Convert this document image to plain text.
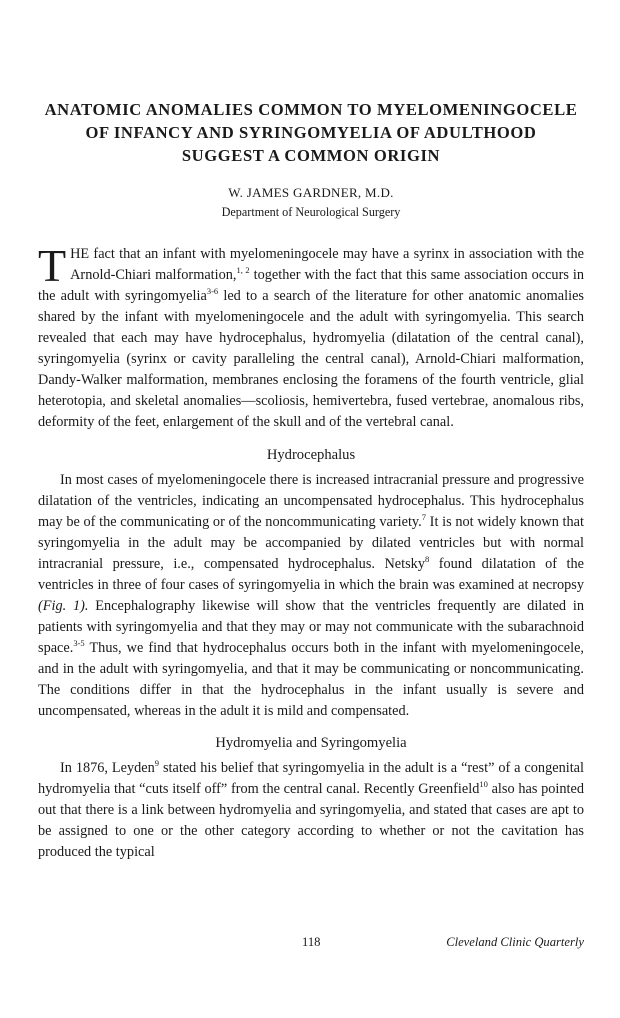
ANATOMIC ANOMALIES COMMON TO MYELOMENINGOCELE
OF INFANCY AND SYRINGOMYELIA OF ADULTHOOD
SUGGEST A COMMON ORIGIN
W. JAMES GARDNER, M.D.
Department of Neurological Surgery

THE fact that an infant with myelomeningocele may have a syrinx in association with the Arnold-Chiari malformation,$^{1, 2}$ together with the fact that this same association occurs in the adult with syringomyelia$^{3-6}$ led to a search of the literature for other anatomic anomalies shared by the infant with myelomeningocele and the adult with syringomyelia. This search revealed that each may have hydrocephalus, hydromyelia (dilatation of the central canal), syringomyelia (syrinx or cavity paralleling the central canal), Arnold-Chiari malformation, Dandy-Walker malformation, membranes enclosing the foramens of the fourth ventricle, glial heterotopia, and skeletal anomalies—scoliosis, hemivertebra, fused vertebrae, anomalous ribs, deformity of the feet, enlargement of the skull and of the vertebral canal.

Hydrocephalus

In most cases of myelomeningocele there is increased intracranial pressure and progressive dilatation of the ventricles, indicating an uncompensated hydrocephalus. This hydrocephalus may be of the communicating or of the noncommunicating variety.$^7$ It is not widely known that syringomyelia in the adult may be accompanied by dilated ventricles but with normal intracranial pressure, i.e., compensated hydrocephalus. Netsky$^8$ found dilatation of the ventricles in three of four cases of syringomyelia in which the brain was examined at necropsy (Fig. 1). Encephalography likewise will show that the ventricles frequently are dilated in patients with syringomyelia and that they may or may not communicate with the subarachnoid space.$^{3-5}$ Thus, we find that hydrocephalus occurs both in the infant with myelomeningocele, and in the adult with syringomyelia, and that it may be communicating or noncommunicating. The conditions differ in that the hydrocephalus in the infant usually is severe and uncompensated, whereas in the adult it is mild and compensated.

Hydromyelia and Syringomyelia

In 1876, Leyden$^9$ stated his belief that syringomyelia in the adult is a “rest” of a congenital hydromyelia that “cuts itself off” from the central canal. Recently Greenfield$^{10}$ also has pointed out that there is a link between hydromyelia and syringomyelia, and stated that cases are apt to be assigned to one or the other category according to whether or not the cavitation has produced the typical

118	Cleveland Clinic Quarterly
